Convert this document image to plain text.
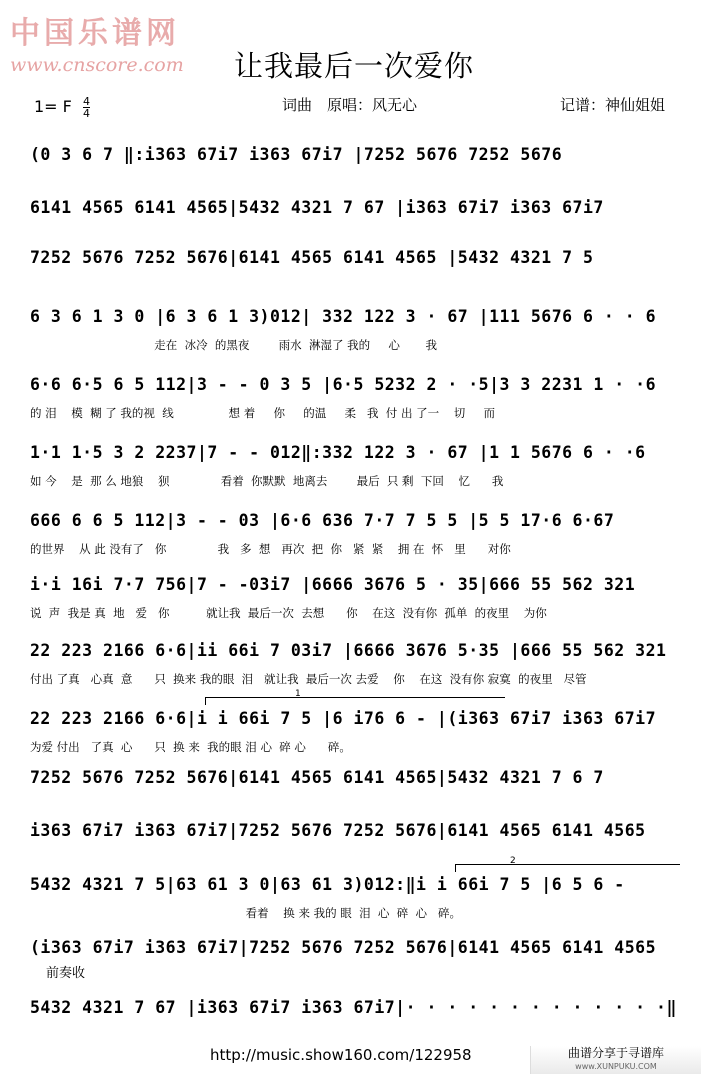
中国乐谱网
www.cnscore.com	让我最后一次爱你
1= F $\frac{4}{4}$	词曲　原唱：风无心	记谱：神仙姐姐
(0 3 6 7 ‖:i363 67i7 i363 67i7 |7252 5676 7252 5676
6141 4565 6141 4565|5432 4321 7 67 |i363 67i7 i363 67i7
7252 5676 7252 5676|6141 4565 6141 4565 |5432 4321 7 5
6 3 6 1 3 0 |6 3 6 1 3)012| 332 122 3 · 67 |111 5676 6 · · 6
走在  冰冷  的黑夜        雨水  淋湿了 我的     心       我
6·6 6·5 6 5 112|3 - - 0 3 5 |6·5 5232 2 · ·5|3 3 2231 1 · ·6
的 泪    模  糊 了 我的视  线               想 着     你     的温     柔   我  付 出 了一    切     而
1·1 1·5 3 2 2237|7 - - 012‖:332 122 3 · 67 |1 1 5676 6 · ·6
如 今    是  那 么 地狼    狈              看着  你默默  地离去        最后  只 剩  下回    忆      我
666 6 6 5 112|3 - - 03 |6·6 636 7·7 7 5 5 |5 5 17·6 6·67
的世界    从 此 没有了   你              我   多  想   再次  把  你   紧  紧    拥 在  怀   里      对你
i·i 16i 7·7 756|7 - -03i7 |6666 3676 5 · 35|666 55 562 321
说  声  我是 真  地   爱   你          就让我  最后一次  去想      你    在这  没有你  孤单  的夜里    为你
22 223 2166 6·6|ii 66i 7 03i7 |6666 3676 5·35 |666 55 562 321
付出 了真   心真  意      只  换来 我的眼  泪   就让我  最后一次 去爱    你    在这  没有你 寂寞  的夜里   尽管
22 223 2166 6·6|i i 66i 7 5 |6 i76 6 - |(i363 67i7 i363 67i7
为爱 付出   了真  心      只  换 来  我的眼 泪 心  碎 心      碎。
7252 5676 7252 5676|6141 4565 6141 4565|5432 4321 7 6 7
i363 67i7 i363 67i7|7252 5676 7252 5676|6141 4565 6141 4565
5432 4321 7 5|63 61 3 0|63 61 3)012:‖i i 66i 7 5 |6 5 6 -
看着    换 来 我的 眼  泪  心  碎  心   碎。
(i363 67i7 i363 67i7|7252 5676 7252 5676|6141 4565 6141 4565
5432 4321 7 67 |i363 67i7 i363 67i7|· · · · · · · · · · · · ·‖
前奏收
1
2
http://music.show160.com/122958	曲谱分享于寻谱库
www.XUNPUKU.COM
